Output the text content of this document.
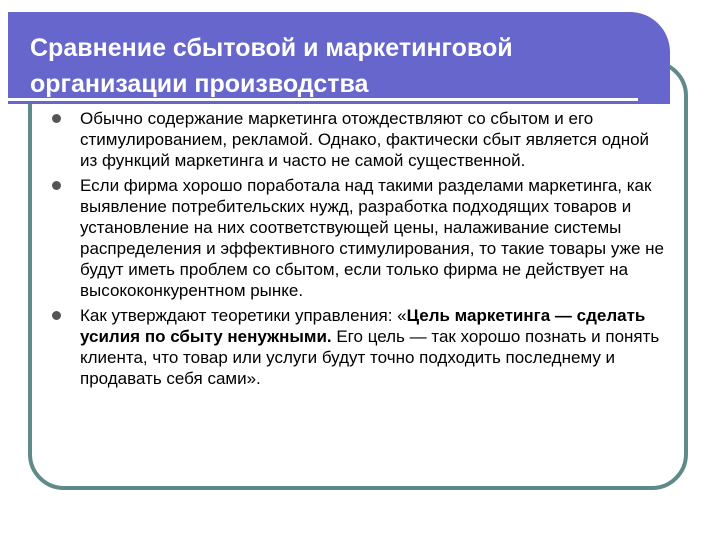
Сравнение сбытовой и маркетинговой
организации производства
Обычно содержание маркетинга отождествляют со сбытом и его стимулированием, рекламой. Однако, фактически сбыт является одной из функций маркетинга и часто не самой существенной.
Если фирма хорошо поработала над такими разделами маркетинга, как выявление потребительских нужд, разработка подходящих товаров и установление на них соответствующей цены, налаживание системы распределения и эффективного стимулирования, то такие товары уже не будут иметь проблем со сбытом, если только фирма не действует на высококонкурентном рынке.
Как утверждают теоретики управления: «Цель маркетинга — сделать усилия по сбыту ненужными. Его цель — так хорошо познать и понять клиента, что товар или услуги будут точно подходить последнему и продавать себя сами».
